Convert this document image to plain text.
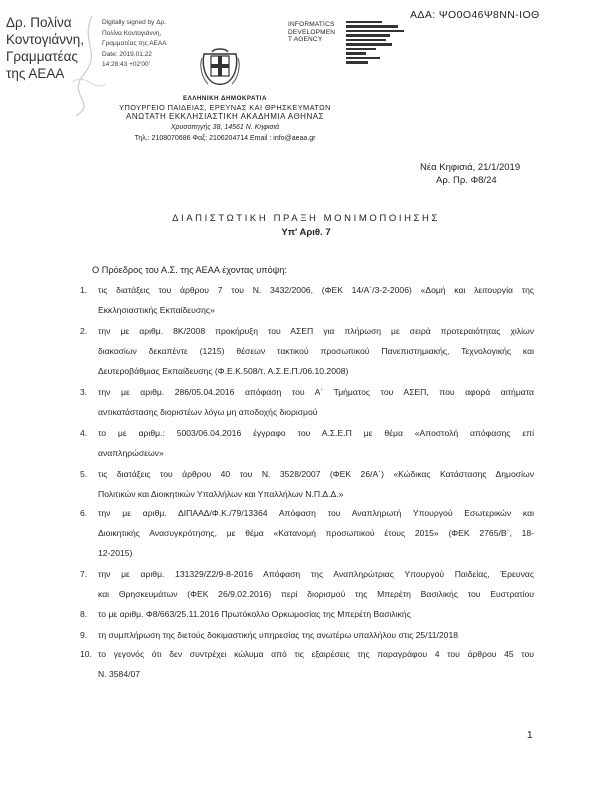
Δρ. Πολίνα
Κοντογιάννη,
Γραμματέας
της ΑΕΑΑ
Digitally signed by Δρ.
Πολίνα Κοντογιάννη,
Γραμματέας της ΑΕΑΑ
Date: 2019.01.22
14:28:43 +02'00'
INFORMATICS
DEVELOPMEN
T AGENCY
ΑΔΑ: ΨΟ0Ο46Ψ8ΝΝ-ΙΟΘ
ΕΛΛΗΝΙΚΗ ΔΗΜΟΚΡΑΤΙΑ
ΥΠΟΥΡΓΕΙΟ ΠΑΙΔΕΙΑΣ, ΕΡΕΥΝΑΣ ΚΑΙ ΘΡΗΣΚΕΥΜΑΤΩΝ
ΑΝΩΤΑΤΗ ΕΚΚΛΗΣΙΑΣΤΙΚΗ ΑΚΑΔΗΜΙΑ ΑΘΗΝΑΣ
Χρυσοπηγής 38, 14561 Ν. Κηφισιά
Τηλ.: 2108070686 Φαξ: 2106204714 Email : info@aeaa.gr
Νέα Κηφισιά, 21/1/2019
Αρ. Πρ. Φ8/24
ΔΙΑΠΙΣΤΩΤΙΚΗ ΠΡΑΞΗ ΜΟΝΙΜΟΠΟΙΗΣΗΣ
Υπ' Αριθ. 7
Ο Πρόεδρος του Α.Σ. της ΑΕΑΑ έχοντας υπόψη:
1.	τις διατάξεις του άρθρου 7 του Ν. 3432/2006, (ΦΕΚ 14/Α΄/3-2-2006) «Δομή και λειτουργία της
Εκκλησιαστικής Εκπαίδευσης»
2.	την με αριθμ. 8Κ/2008 προκήρυξη του ΑΣΕΠ για πλήρωση με σειρά προτεραιότητας χιλίων
διακοσίων δεκαπέντε (1215) θέσεων τακτικού προσωπικού Πανεπιστημιακής, Τεχνολογικής και
Δευτεροβάθμιας Εκπαίδευσης (Φ.Ε.Κ.508/τ. Α.Σ.Ε.Π./06.10.2008)
3.	την με αριθμ. 286/05.04.2016 απόφαση του Α΄ Τμήματος του ΑΣΕΠ, που αφορά αιτήματα
αντικατάστασης διοριστέων λόγω μη αποδοχής διορισμού
4.	το με αριθμ.: 5003/06.04.2016 έγγραφο του Α.Σ.Ε.Π με θέμα «Αποστολή απόφασης επί
αναπληρώσεων»
5.	τις διατάξεις του άρθρου 40 του Ν. 3528/2007 (ΦΕΚ 26/Α΄) «Κώδικας Κατάστασης Δημοσίων
Πολιτικών και Διοικητικών Υπαλλήλων και Υπαλλήλων Ν.Π.Δ.Δ.»
6.	την με αριθμ. ΔΙΠΑΑΔ/Φ.Κ./79/13364 Απόφαση του Αναπληρωτή Υπουργού Εσωτερικών και
Διοικητικής Ανασυγκρότησης, με θέμα «Κατανομή προσωπικού έτους 2015» (ΦΕΚ 2765/Β΄, 18-
12-2015)
7.	την με αριθμ. 131329/Ζ2/9-8-2016 Απόφαση της Αναπληρώτριας Υπουργού Παιδείας, Έρευνας
και Θρησκευμάτων (ΦΕΚ 26/9.02.2016) περί διορισμού της Μπερέτη Βασιλικής του Ευστρατίου
8.	το με αριθμ. Φ8/663/25.11.2016 Πρωτόκολλο Ορκωμοσίας της Μπερέτη Βασιλικής
9.	τη συμπλήρωση της διετούς δοκιμαστικής υπηρεσίας της ανωτέρω υπαλλήλου στις 25/11/2018
10. το γεγονός ότι δεν συντρέχει κώλυμα από τις εξαιρέσεις της παραγράφου 4 του άρθρου 45 του
Ν. 3584/07
1
